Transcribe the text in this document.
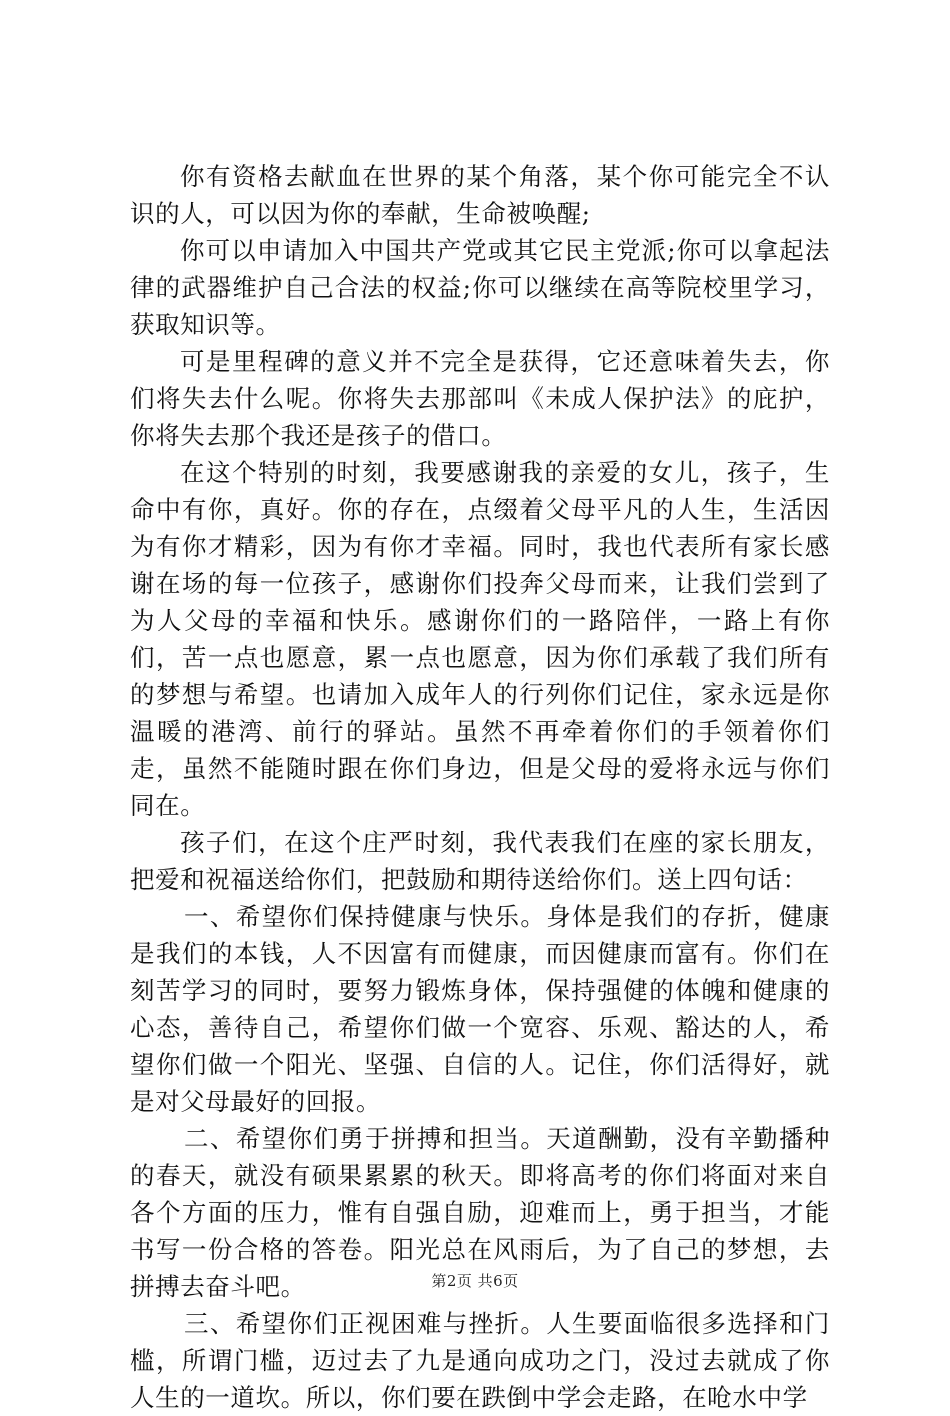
你有资格去献血在世界的某个角落，某个你可能完全不认识的人，可以因为你的奉献，生命被唤醒;

你可以申请加入中国共产党或其它民主党派;你可以拿起法律的武器维护自己合法的权益;你可以继续在高等院校里学习，获取知识等。

可是里程碑的意义并不完全是获得，它还意味着失去，你们将失去什么呢。你将失去那部叫《未成人保护法》的庇护，你将失去那个我还是孩子的借口。

在这个特别的时刻，我要感谢我的亲爱的女儿，孩子，生命中有你，真好。你的存在，点缀着父母平凡的人生，生活因为有你才精彩，因为有你才幸福。同时，我也代表所有家长感谢在场的每一位孩子，感谢你们投奔父母而来，让我们尝到了为人父母的幸福和快乐。感谢你们的一路陪伴，一路上有你们，苦一点也愿意，累一点也愿意，因为你们承载了我们所有的梦想与希望。也请加入成年人的行列你们记住，家永远是你温暖的港湾、前行的驿站。虽然不再牵着你们的手领着你们走，虽然不能随时跟在你们身边，但是父母的爱将永远与你们同在。

孩子们，在这个庄严时刻，我代表我们在座的家长朋友，把爱和祝福送给你们，把鼓励和期待送给你们。送上四句话：

一、希望你们保持健康与快乐。身体是我们的存折，健康是我们的本钱，人不因富有而健康，而因健康而富有。你们在刻苦学习的同时，要努力锻炼身体，保持强健的体魄和健康的心态，善待自己，希望你们做一个宽容、乐观、豁达的人，希望你们做一个阳光、坚强、自信的人。记住，你们活得好，就是对父母最好的回报。

二、希望你们勇于拼搏和担当。天道酬勤，没有辛勤播种的春天，就没有硕果累累的秋天。即将高考的你们将面对来自各个方面的压力，惟有自强自励，迎难而上，勇于担当，才能书写一份合格的答卷。阳光总在风雨后，为了自己的梦想，去拼搏去奋斗吧。

三、希望你们正视困难与挫折。人生要面临很多选择和门槛，所谓门槛，迈过去了九是通向成功之门，没过去就成了你人生的一道坎。所以，你们要在跌倒中学会走路，在呛水中学

第2页 共6页
